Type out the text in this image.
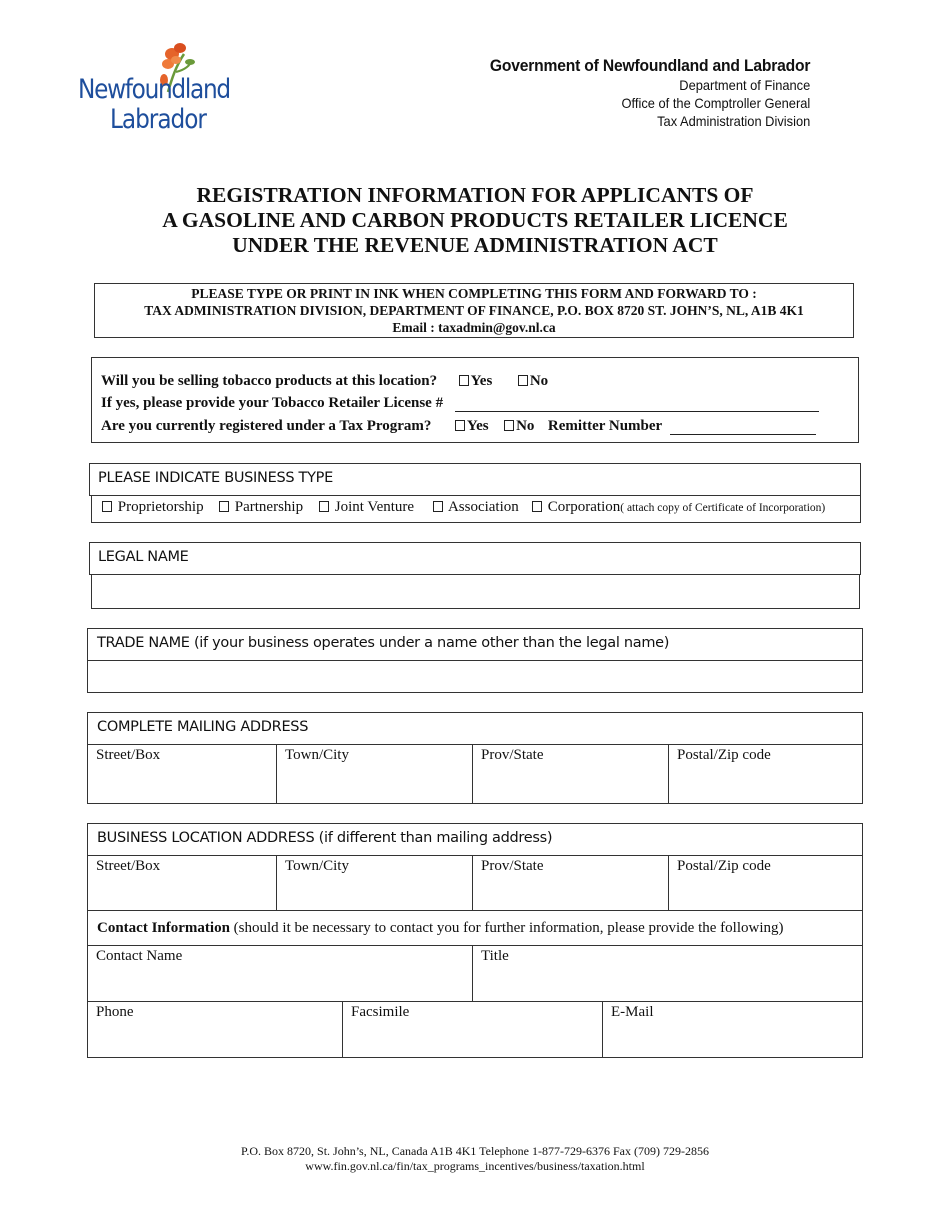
Newfoundland
Labrador
Government of Newfoundland and Labrador
Department of Finance
Office of the Comptroller General
Tax Administration Division
REGISTRATION INFORMATION FOR APPLICANTS OF
A GASOLINE AND CARBON PRODUCTS RETAILER LICENCE
UNDER THE REVENUE ADMINISTRATION ACT
PLEASE TYPE OR PRINT IN INK WHEN COMPLETING THIS FORM AND FORWARD TO :
TAX ADMINISTRATION DIVISION, DEPARTMENT OF FINANCE, P.O. BOX 8720 ST. JOHN’S, NL, A1B 4K1
Email : taxadmin@gov.nl.ca
Will you be selling tobacco products at this location? Yes	No
If yes, please provide your Tobacco Retailer License #
Are you currently registered under a Tax Program? Yes No Remitter Number
PLEASE INDICATE BUSINESS TYPE
Proprietorship	Partnership	Joint Venture	Association	Corporation( attach copy of Certificate of Incorporation)
LEGAL NAME
TRADE NAME (if your business operates under a name other than the legal name)
COMPLETE MAILING ADDRESS
Street/Box	Town/City	Prov/State	Postal/Zip code
BUSINESS LOCATION ADDRESS (if different than mailing address)
Street/Box	Town/City	Prov/State	Postal/Zip code
Contact Information (should it be necessary to contact you for further information, please provide the following)
Contact Name	Title
Phone	Facsimile	E-Mail
P.O. Box 8720, St. John’s, NL, Canada A1B 4K1 Telephone 1-877-729-6376 Fax (709) 729-2856
www.fin.gov.nl.ca/fin/tax_programs_incentives/business/taxation.html
